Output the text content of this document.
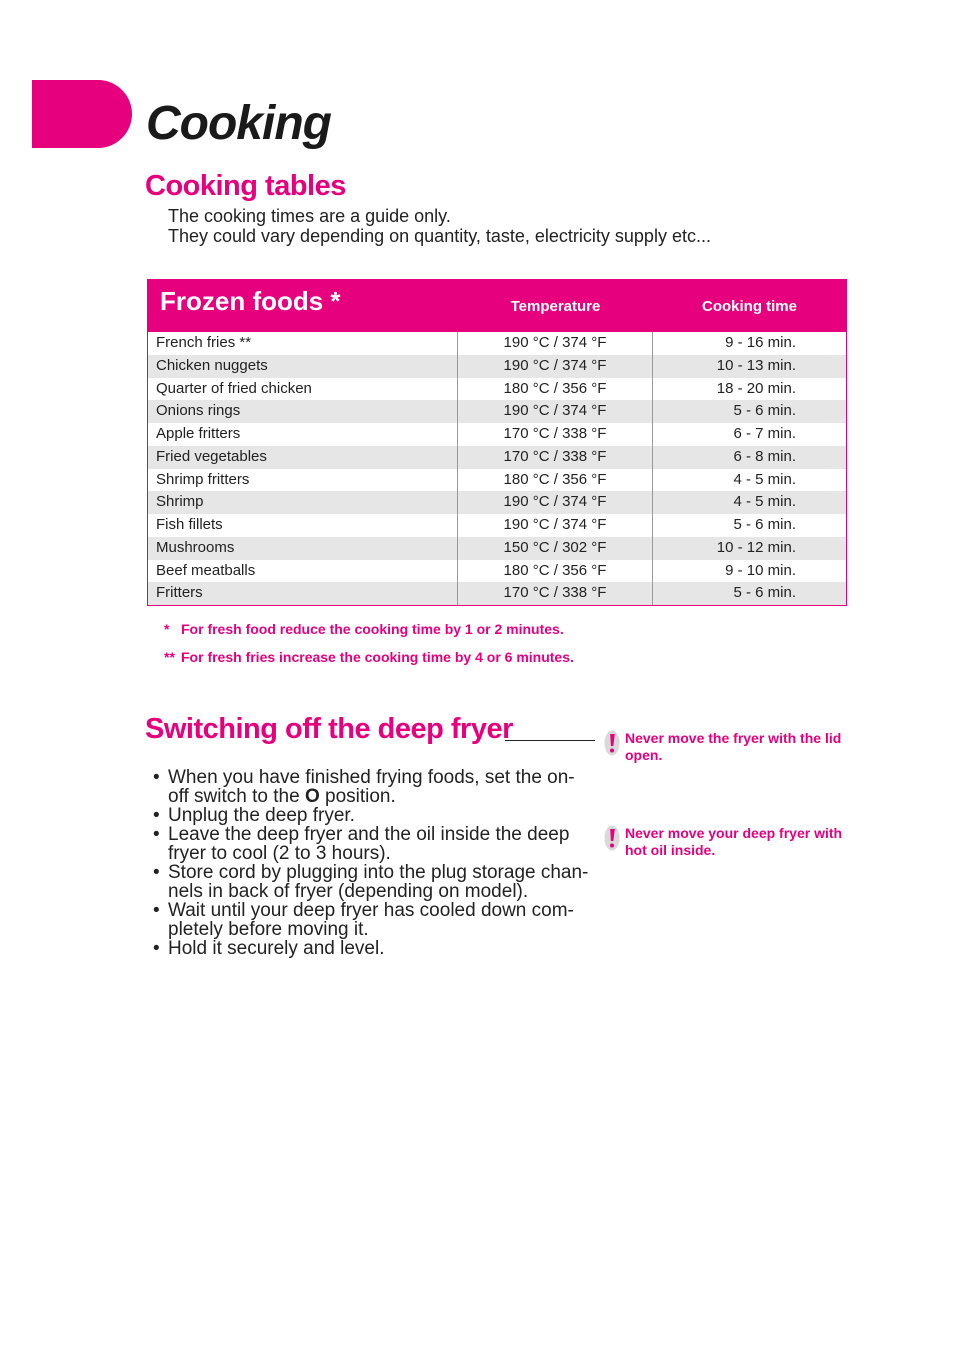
Cooking
Cooking tables
The cooking times are a guide only.
They could vary depending on quantity, taste, electricity supply etc...
Frozen foods *	Temperature	Cooking time
French fries **	190 °C / 374 °F	9 - 16 min.
Chicken nuggets	190 °C / 374 °F	10 - 13 min.
Quarter of fried chicken	180 °C / 356 °F	18 - 20 min.
Onions rings	190 °C / 374 °F	5 - 6 min.
Apple fritters	170 °C / 338 °F	6 - 7 min.
Fried vegetables	170 °C / 338 °F	6 - 8 min.
Shrimp fritters	180 °C / 356 °F	4 - 5 min.
Shrimp	190 °C / 374 °F	4 - 5 min.
Fish fillets	190 °C / 374 °F	5 - 6 min.
Mushrooms	150 °C / 302 °F	10 - 12 min.
Beef meatballs	180 °C / 356 °F	9 - 10 min.
Fritters	170 °C / 338 °F	5 - 6 min.
* For fresh food reduce the cooking time by 1 or 2 minutes.
** For fresh fries increase the cooking time by 4 or 6 minutes.
Switching off the deep fryer
• When you have finished frying foods, set the on-
off switch to the O position.
• Unplug the deep fryer.
• Leave the deep fryer and the oil inside the deep
fryer to cool (2 to 3 hours).
• Store cord by plugging into the plug storage chan-
nels in back of fryer (depending on model).
• Wait until your deep fryer has cooled down com-
pletely before moving it.
• Hold it securely and level.
Never move the fryer with the lid open.
Never move your deep fryer with hot oil inside.
